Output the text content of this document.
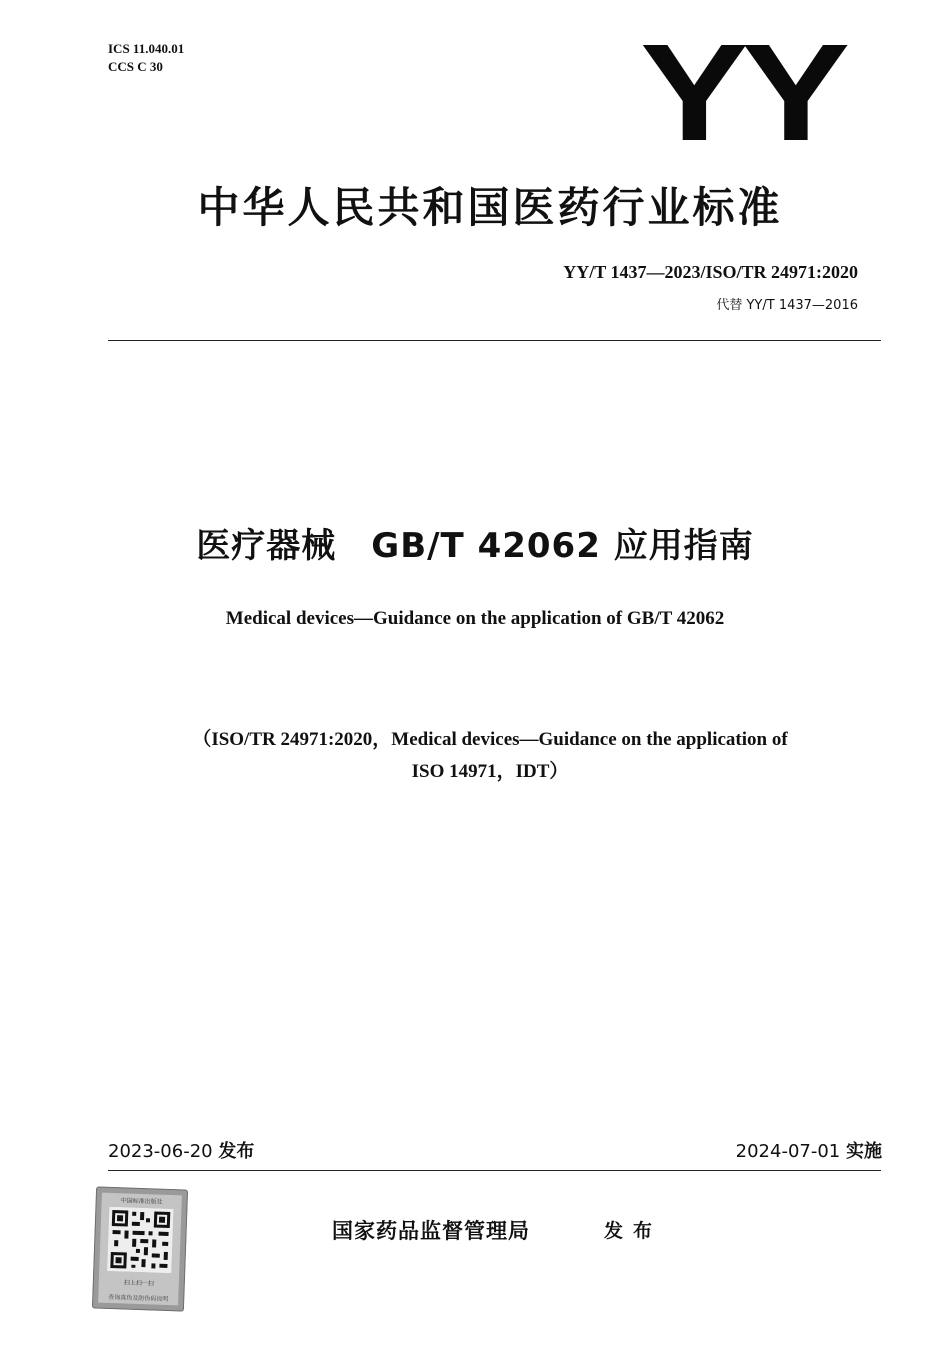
ICS 11.040.01
CCS C 30	YY
中华人民共和国医药行业标准
YY/T 1437—2023/ISO/TR 24971:2020
代替 YY/T 1437—2016
医疗器械　GB/T 42062 应用指南
Medical devices—Guidance on the application of GB/T 42062
（ISO/TR 24971:2020，Medical devices—Guidance on the application of
ISO 14971，IDT）
2023-06-20 发布	2024-07-01 实施
中国标准出版社
扫上扫一扫
查询真伪及防伪码说明
国家药品监督管理局	发布
